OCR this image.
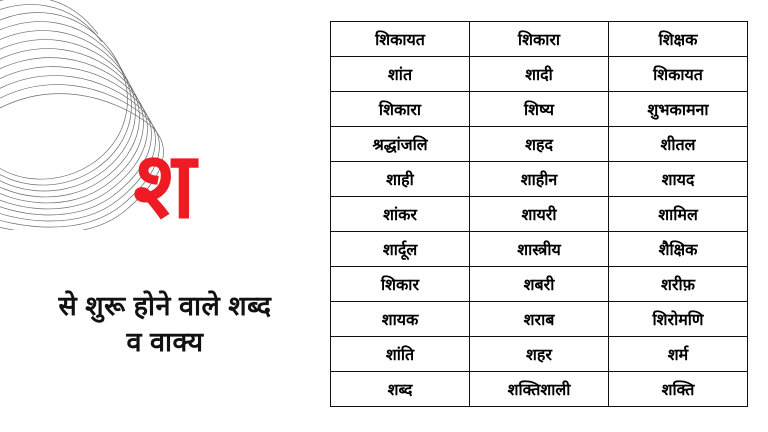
श
से शुरू होने वाले शब्द
व वाक्य
शिकायत	शिकारा	शिक्षक
शांत	शादी	शिकायत
शिकारा	शिष्य	शुभकामना
श्रद्धांजलि	शहद	शीतल
शाही	शाहीन	शायद
शांकर	शायरी	शामिल
शार्दूल	शास्त्रीय	शैक्षिक
शिकार	शबरी	शरीफ़
शायक	शराब	शिरोमणि
शांति	शहर	शर्म
शब्द	शक्तिशाली	शक्ति
